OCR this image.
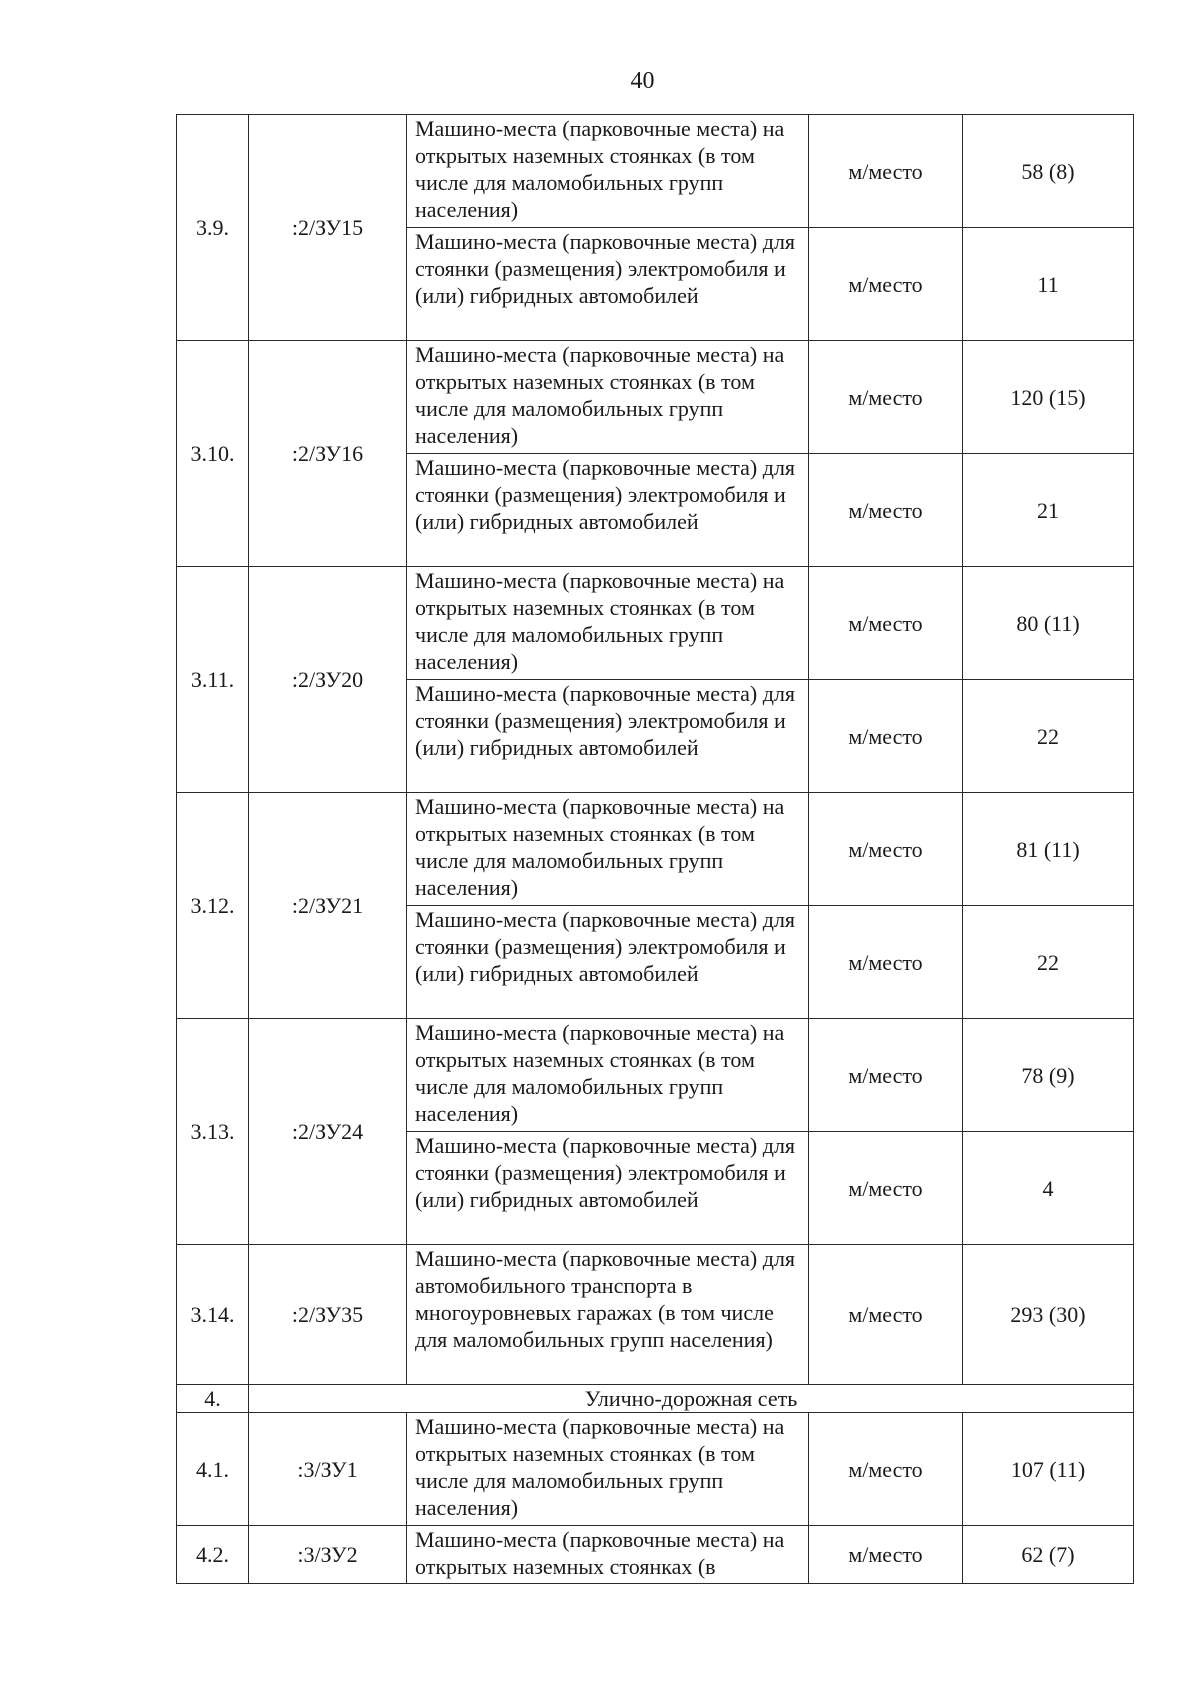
40
3.9.	:2/ЗУ15	Машино-места (парковочные места) на открытых наземных стоянках (в том числе для маломобильных групп населения)	м/место	58 (8)

		Машино-места (парковочные места) для стоянки (размещения) электромобиля и (или) гибридных автомобилей	м/место	11
3.10.	:2/ЗУ16	Машино-места (парковочные места) на открытых наземных стоянках (в том числе для маломобильных групп населения)	м/место	120 (15)

		Машино-места (парковочные места) для стоянки (размещения) электромобиля и (или) гибридных автомобилей	м/место	21
3.11.	:2/ЗУ20	Машино-места (парковочные места) на открытых наземных стоянках (в том числе для маломобильных групп населения)	м/место	80 (11)

		Машино-места (парковочные места) для стоянки (размещения) электромобиля и (или) гибридных автомобилей	м/место	22
3.12.	:2/ЗУ21	Машино-места (парковочные места) на открытых наземных стоянках (в том числе для маломобильных групп населения)	м/место	81 (11)

		Машино-места (парковочные места) для стоянки (размещения) электромобиля и (или) гибридных автомобилей	м/место	22
3.13.	:2/ЗУ24	Машино-места (парковочные места) на открытых наземных стоянках (в том числе для маломобильных групп населения)	м/место	78 (9)

		Машино-места (парковочные места) для стоянки (размещения) электромобиля и (или) гибридных автомобилей	м/место	4
3.14.	:2/ЗУ35	Машино-места (парковочные места) для автомобильного транспорта в многоуровневых гаражах (в том числе для маломобильных групп населения)	м/место	293 (30)
4.	Улично-дорожная сеть			
4.1.	:3/ЗУ1	Машино-места (парковочные места) на открытых наземных стоянках (в том числе для маломобильных групп населения)	м/место	107 (11)
4.2.	:3/ЗУ2	Машино-места (парковочные места) на открытых наземных стоянках (в	м/место	62 (7)
